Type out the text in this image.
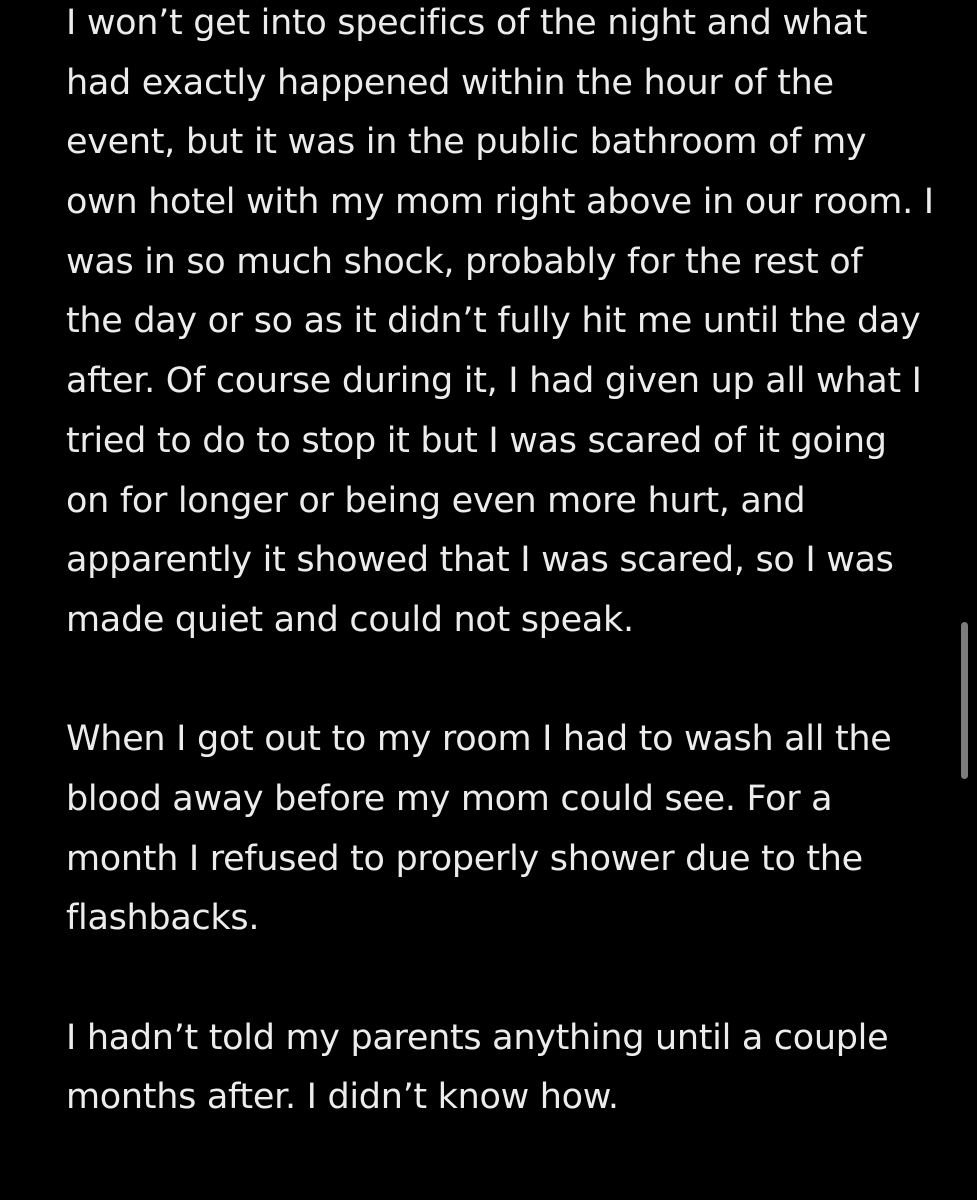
I won’t get into specifics of the night and what
had exactly happened within the hour of the
event, but it was in the public bathroom of my
own hotel with my mom right above in our room. I
was in so much shock, probably for the rest of
the day or so as it didn’t fully hit me until the day
after. Of course during it, I had given up all what I
tried to do to stop it but I was scared of it going
on for longer or being even more hurt, and
apparently it showed that I was scared, so I was
made quiet and could not speak.
When I got out to my room I had to wash all the
blood away before my mom could see. For a
month I refused to properly shower due to the
flashbacks.
I hadn’t told my parents anything until a couple
months after. I didn’t know how.
